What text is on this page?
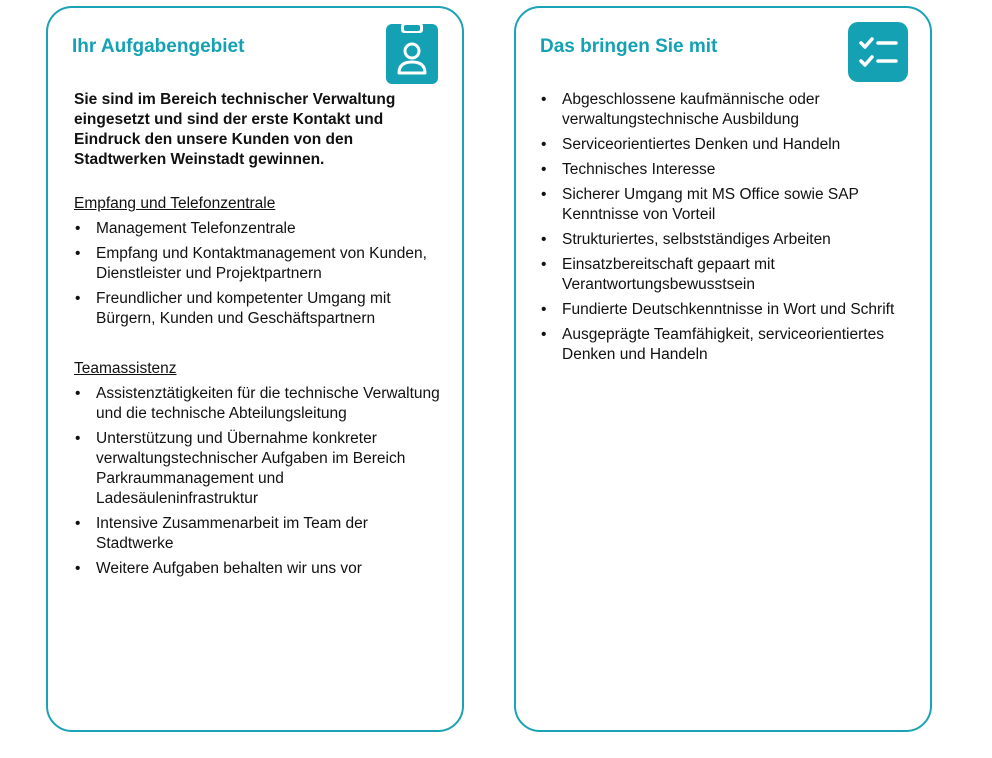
Ihr Aufgabengebiet

Sie sind im Bereich technischer Verwaltung eingesetzt und sind der erste Kontakt und Eindruck den unsere Kunden von den Stadtwerken Weinstadt gewinnen.

Empfang und Telefonzentrale
• Management Telefonzentrale
• Empfang und Kontaktmanagement von Kunden, Dienstleister und Projektpartnern
• Freundlicher und kompetenter Umgang mit Bürgern, Kunden und Geschäftspartnern
Teamassistenz
• Assistenztätigkeiten für die technische Verwaltung und die technische Abteilungsleitung
• Unterstützung und Übernahme konkreter verwaltungstechnischer Aufgaben im Bereich Parkraummanagement und Ladesäuleninfrastruktur
• Intensive Zusammenarbeit im Team der Stadtwerke
• Weitere Aufgaben behalten wir uns vor
Das bringen Sie mit
• Abgeschlossene kaufmännische oder verwaltungstechnische Ausbildung
• Serviceorientiertes Denken und Handeln
• Technisches Interesse
• Sicherer Umgang mit MS Office sowie SAP Kenntnisse von Vorteil
• Strukturiertes, selbstständiges Arbeiten
• Einsatzbereitschaft gepaart mit Verantwortungsbewusstsein
• Fundierte Deutschkenntnisse in Wort und Schrift
• Ausgeprägte Teamfähigkeit, serviceorientiertes Denken und Handeln
